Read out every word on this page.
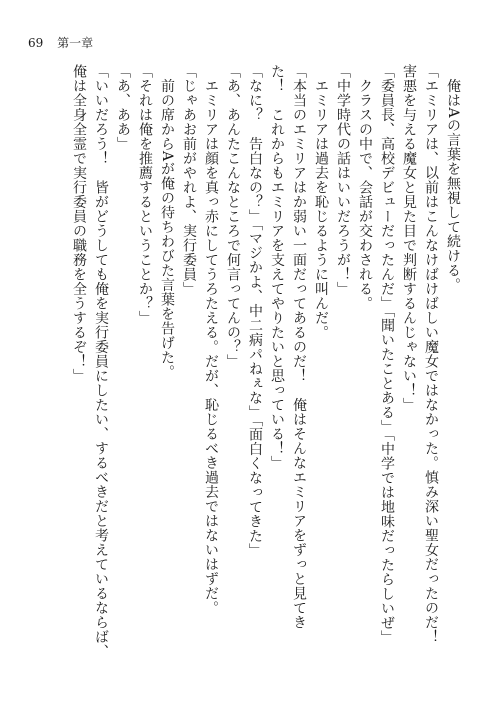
69 第一章
　俺はAの言葉を無視して続ける。
「エミリアは、以前はこんなけばけばしい魔女ではなかった。慎み深い聖女だったのだ！
害悪を与える魔女と見た目で判断するんじゃない！」
「委員長、高校デビューだったんだ」「聞いたことある」「中学では地味だったらしいぜ」
　クラスの中で、会話が交わされる。
「中学時代の話はいいだろうが！」
　エミリアは過去を恥じるように叫んだ。
「本当のエミリアはか弱い一面だってあるのだ！　俺はそんなエミリアをずっと見てき
た！　これからもエミリアを支えてやりたいと思っている！」
「なに？　告白なの？」「マジかよ、中二病パねぇな」「面白くなってきた」
「あ、あんたこんなところで何言ってんの？」
　エミリアは顔を真っ赤にしてうろたえる。だが、恥じるべき過去ではないはずだ。
「じゃあお前がやれよ、実行委員」
　前の席からAが俺の待ちわびた言葉を告げた。
「それは俺を推薦するということか？」
「あ、ああ」
「いいだろう！　皆がどうしても俺を実行委員にしたい、するべきだと考えているならば、
俺は全身全霊で実行委員の職務を全うするぞ！」
